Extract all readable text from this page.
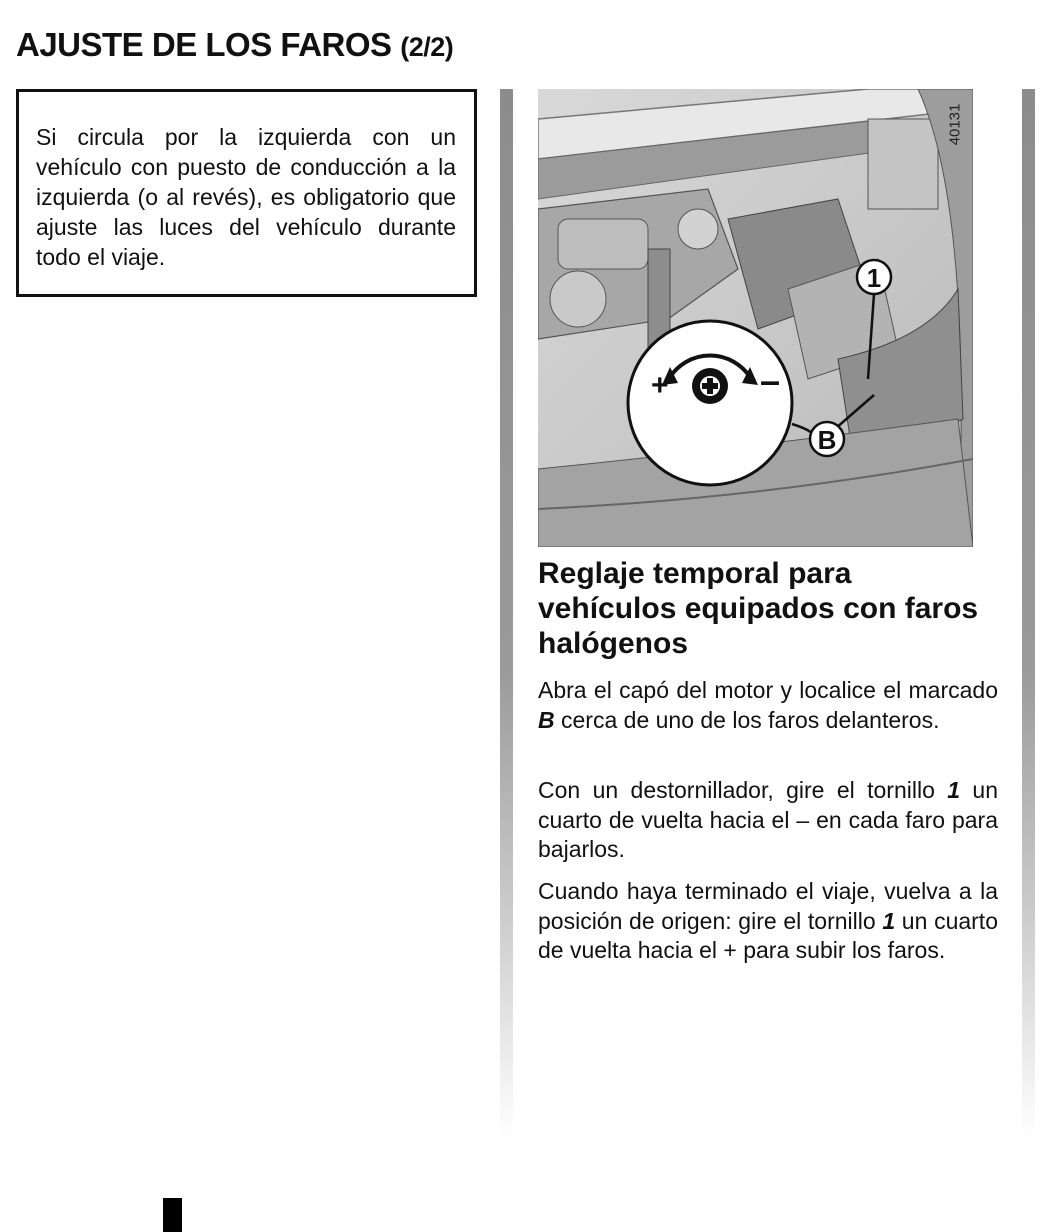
AJUSTE DE LOS FAROS (2/2)

Si circula por la izquierda con un vehículo con puesto de conducción a la izquierda (o al revés), es obligatorio que ajuste las luces del vehículo durante todo el viaje.

+	–
1
B
40131
Reglaje temporal para vehículos equipados con faros halógenos

Abra el capó del motor y localice el marcado B cerca de uno de los faros delanteros.

Con un destornillador, gire el tornillo 1 un cuarto de vuelta hacia el – en cada faro para bajarlos.

Cuando haya terminado el viaje, vuelva a la posición de origen: gire el tornillo 1 un cuarto de vuelta hacia el + para subir los faros.
